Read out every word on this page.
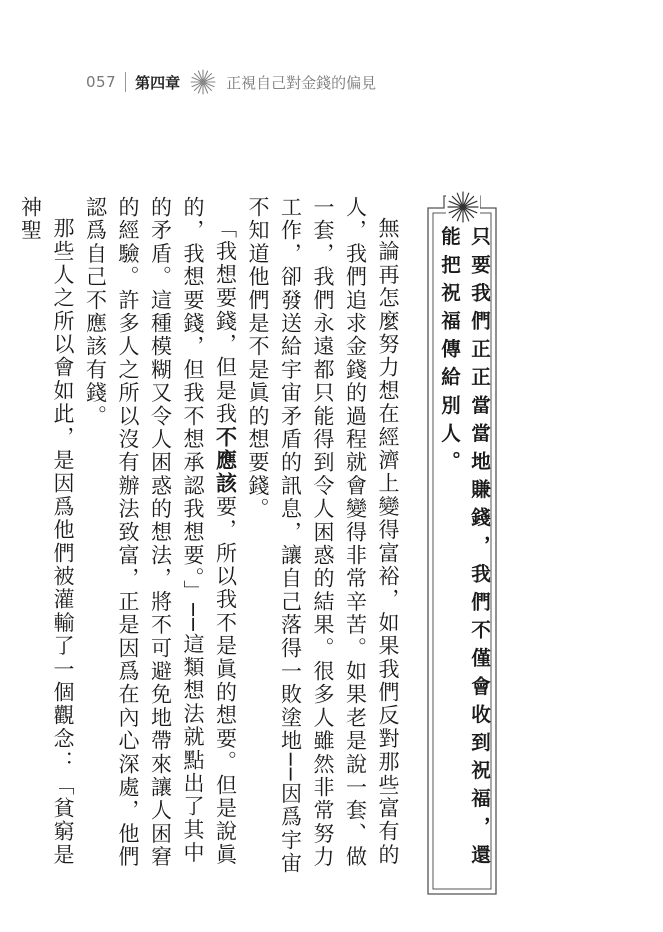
057 第四章	正視自己對金錢的偏見

無論再怎麼努力想在經濟上變得富裕，如果我們反對那些富有的人，我們追求金錢的過程就會變得非常辛苦。如果老是說一套、做一套，我們永遠都只能得到令人困惑的結果。很多人雖然非常努力工作，卻發送給宇宙矛盾的訊息，讓自己落得一敗塗地──因爲宇宙不知道他們是不是眞的想要錢。

「我想要錢，但是我不應該要，所以我不是眞的想要。但是說眞的，我想要錢，但我不想承認我想要。」──這類想法就點出了其中的矛盾。這種模糊又令人困惑的想法，將不可避免地帶來讓人困窘的經驗。許多人之所以沒有辦法致富，正是因爲在內心深處，他們認爲自己不應該有錢。

那些人之所以會如此，是因爲他們被灌輸了一個觀念：「貧窮是神聖

只要我們正正當當地賺錢，我們不僅會收到祝福，還能把祝福傳給別人。
